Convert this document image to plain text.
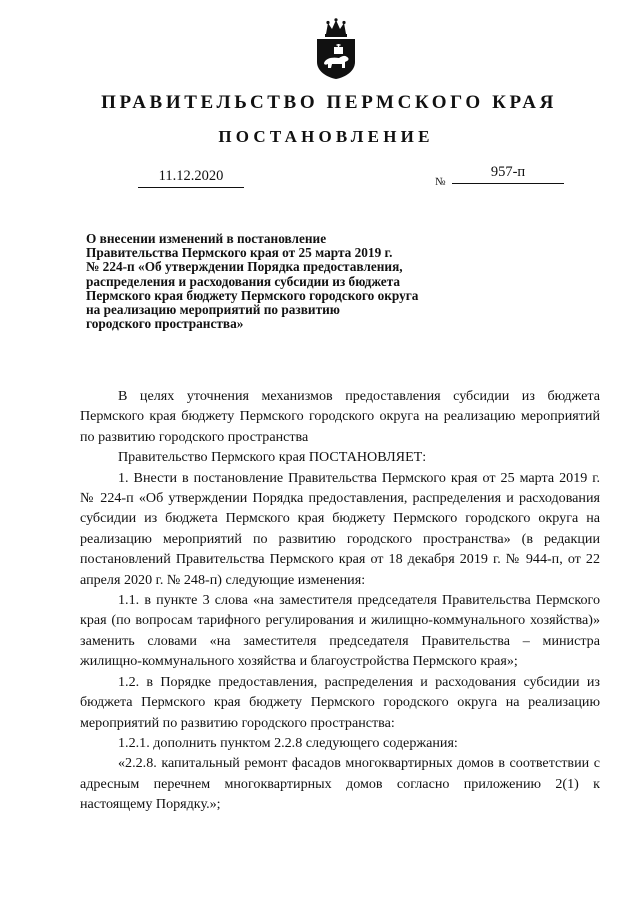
ПРАВИТЕЛЬСТВО ПЕРМСКОГО КРАЯ
ПОСТАНОВЛЕНИЕ
11.12.2020	№
957-п
О внесении изменений в постановление
Правительства Пермского края от 25 марта 2019 г.
№ 224-п «Об утверждении Порядка предоставления,
распределения и расходования субсидии из бюджета
Пермского края бюджету Пермского городского округа
на реализацию мероприятий по развитию
городского пространства»

В целях уточнения механизмов предоставления субсидии из бюджета Пермского края бюджету Пермского городского округа на реализацию мероприятий по развитию городского пространства

Правительство Пермского края ПОСТАНОВЛЯЕТ:

1. Внести в постановление Правительства Пермского края от 25 марта 2019 г. № 224-п «Об утверждении Порядка предоставления, распределения и расходования субсидии из бюджета Пермского края бюджету Пермского городского округа на реализацию мероприятий по развитию городского пространства» (в редакции постановлений Правительства Пермского края от 18 декабря 2019 г. № 944-п, от 22 апреля 2020 г. № 248-п) следующие изменения:

1.1. в пункте 3 слова «на заместителя председателя Правительства Пермского края (по вопросам тарифного регулирования и жилищно-коммунального хозяйства)» заменить словами «на заместителя председателя Правительства – министра жилищно-коммунального хозяйства и благоустройства Пермского края»;

1.2. в Порядке предоставления, распределения и расходования субсидии из бюджета Пермского края бюджету Пермского городского округа на реализацию мероприятий по развитию городского пространства:

1.2.1. дополнить пунктом 2.2.8 следующего содержания:

«2.2.8. капитальный ремонт фасадов многоквартирных домов в соответствии с адресным перечнем многоквартирных домов согласно приложению 2(1) к настоящему Порядку.»;
